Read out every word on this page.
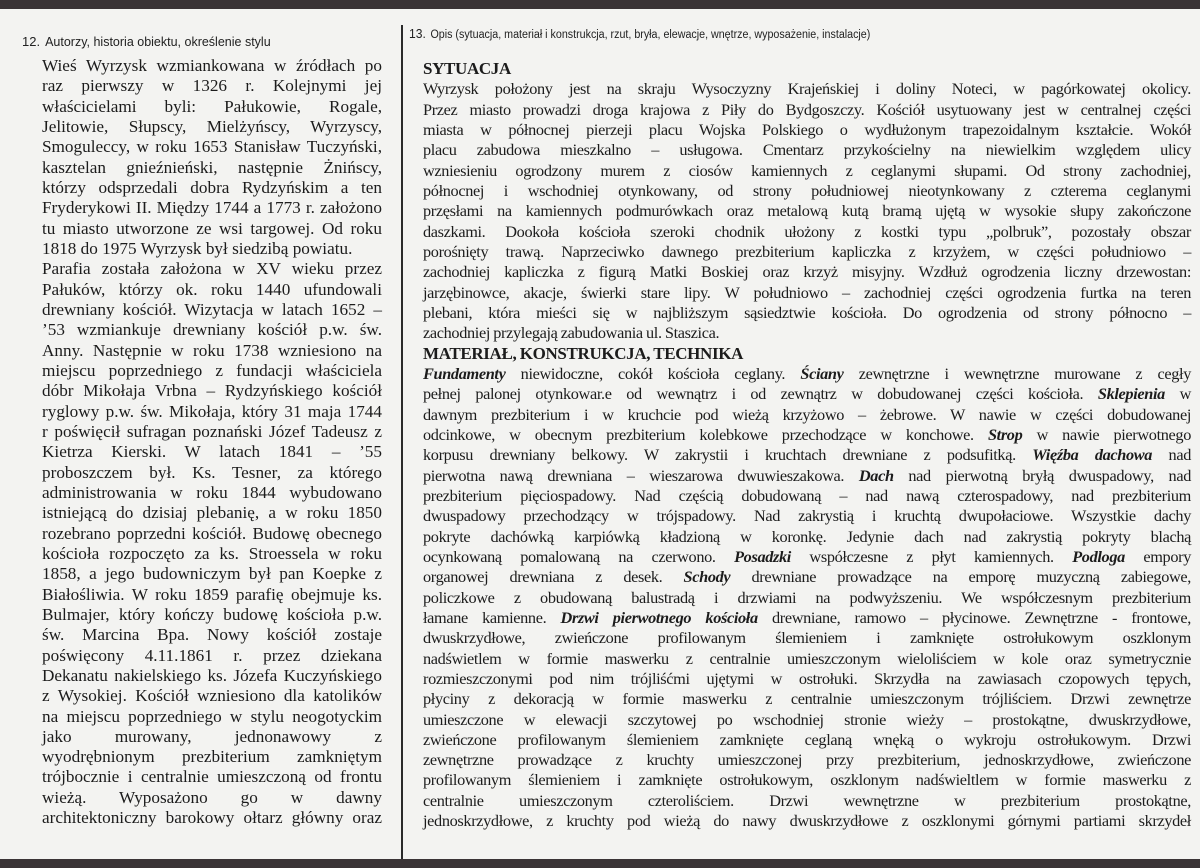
12. Autorzy, historia obiektu, określenie stylu
13. Opis (sytuacja, materiał i konstrukcja, rzut, bryła, elewacje, wnętrze, wyposażenie, instalacje)
Wieś Wyrzysk wzmiankowana w źródłach po
raz pierwszy w 1326 r. Kolejnymi jej
właścicielami byli: Pałukowie, Rogale,
Jelitowie, Słupscy, Mielżyńscy, Wyrzyscy,
Smoguleccy, w roku 1653 Stanisław Tuczyński,
kasztelan gnieźnieński, następnie Żnińscy,
którzy odsprzedali dobra Rydzyńskim a ten
Fryderykowi II. Między 1744 a 1773 r. założono
tu miasto utworzone ze wsi targowej. Od roku
1818 do 1975 Wyrzysk był siedzibą powiatu.
Parafia została założona w XV wieku przez
Pałuków, którzy ok. roku 1440 ufundowali
drewniany kościół. Wizytacja w latach 1652 –
’53 wzmiankuje drewniany kościół p.w. św.
Anny. Następnie w roku 1738 wzniesiono na
miejscu poprzedniego z fundacji właściciela
dóbr Mikołaja Vrbna – Rydzyńskiego kościół
ryglowy p.w. św. Mikołaja, który 31 maja 1744
r poświęcił sufragan poznański Józef Tadeusz z
Kietrza Kierski. W latach 1841 – ’55
proboszczem był. Ks. Tesner, za którego
administrowania w roku 1844 wybudowano
istniejącą do dzisiaj plebanię, a w roku 1850
rozebrano poprzedni kościół. Budowę obecnego
kościoła rozpoczęto za ks. Stroessela w roku
1858, a jego budowniczym był pan Koepke z
Białośliwia. W roku 1859 parafię obejmuje ks.
Bulmajer, który kończy budowę kościoła p.w.
św. Marcina Bpa. Nowy kościół zostaje
poświęcony 4.11.1861 r. przez dziekana
Dekanatu nakielskiego ks. Józefa Kuczyńskiego
z Wysokiej. Kościół wzniesiono dla katolików
na miejscu poprzedniego w stylu neogotyckim
jako murowany, jednonawowy z
wyodrębnionym prezbiterium zamkniętym
trójbocznie i centralnie umieszczoną od frontu
wieżą. Wyposażono go w dawny
architektoniczny barokowy ołtarz główny oraz
SYTUACJA
Wyrzysk położony jest na skraju Wysoczyzny Krajeńskiej i doliny Noteci, w pagórkowatej okolicy.
Przez miasto prowadzi droga krajowa z Piły do Bydgoszczy. Kościół usytuowany jest w centralnej części
miasta w północnej pierzeji placu Wojska Polskiego o wydłużonym trapezoidalnym kształcie. Wokół
placu zabudowa mieszkalno – usługowa. Cmentarz przykościelny na niewielkim względem ulicy
wzniesieniu ogrodzony murem z ciosów kamiennych z ceglanymi słupami. Od strony zachodniej,
północnej i wschodniej otynkowany, od strony południowej nieotynkowany z czterema ceglanymi
przęsłami na kamiennych podmurówkach oraz metalową kutą bramą ujętą w wysokie słupy zakończone
daszkami. Dookoła kościoła szeroki chodnik ułożony z kostki typu „polbruk”, pozostały obszar
porośnięty trawą. Naprzeciwko dawnego prezbiterium kapliczka z krzyżem, w części południowo –
zachodniej kapliczka z figurą Matki Boskiej oraz krzyż misyjny. Wzdłuż ogrodzenia liczny drzewostan:
jarzębinowce, akacje, świerki stare lipy. W południowo – zachodniej części ogrodzenia furtka na teren
plebani, która mieści się w najbliższym sąsiedztwie kościoła. Do ogrodzenia od strony północno –
zachodniej przylegają zabudowania ul. Staszica.
MATERIAŁ, KONSTRUKCJA, TECHNIKA
Fundamenty niewidoczne, cokół kościoła ceglany. Ściany zewnętrzne i wewnętrzne murowane z cegły
pełnej palonej otynkowar.e od wewnątrz i od zewnątrz w dobudowanej części kościoła. Sklepienia w
dawnym prezbiterium i w kruchcie pod wieżą krzyżowo – żebrowe. W nawie w części dobudowanej
odcinkowe, w obecnym prezbiterium kolebkowe przechodzące w konchowe. Strop w nawie pierwotnego
korpusu drewniany belkowy. W zakrystii i kruchtach drewniane z podsufitką. Więźba dachowa nad
pierwotna nawą drewniana – wieszarowa dwuwieszakowa. Dach nad pierwotną bryłą dwuspadowy, nad
prezbiterium pięciospadowy. Nad częścią dobudowaną – nad nawą czterospadowy, nad prezbiterium
dwuspadowy przechodzący w trójspadowy. Nad zakrystią i kruchtą dwupołaciowe. Wszystkie dachy
pokryte dachówką karpiówką kładzioną w koronkę. Jedynie dach nad zakrystią pokryty blachą
ocynkowaną pomalowaną na czerwono. Posadzki współczesne z płyt kamiennych. Podloga empory
organowej drewniana z desek. Schody drewniane prowadzące na emporę muzyczną zabiegowe,
policzkowe z obudowaną balustradą i drzwiami na podwyższeniu. We współczesnym prezbiterium
łamane kamienne. Drzwi pierwotnego kościoła drewniane, ramowo – płycinowe. Zewnętrzne - frontowe,
dwuskrzydłowe, zwieńczone profilowanym ślemieniem i zamknięte ostrołukowym oszklonym
nadświetlem w formie maswerku z centralnie umieszczonym wieloliściem w kole oraz symetrycznie
rozmieszczonymi pod nim trójliśćmi ujętymi w ostrołuki. Skrzydła na zawiasach czopowych tępych,
płyciny z dekoracją w formie maswerku z centralnie umieszczonym trójliściem. Drzwi zewnętrze
umieszczone w elewacji szczytowej po wschodniej stronie wieży – prostokątne, dwuskrzydłowe,
zwieńczone profilowanym ślemieniem zamknięte ceglaną wnęką o wykroju ostrołukowym. Drzwi
zewnętrzne prowadzące z kruchty umieszczonej przy prezbiterium, jednoskrzydłowe, zwieńczone
profilowanym ślemieniem i zamknięte ostrołukowym, oszklonym nadświeltlem w formie maswerku z
centralnie umieszczonym czteroliściem. Drzwi wewnętrzne w prezbiterium prostokątne,
jednoskrzydłowe, z kruchty pod wieżą do nawy dwuskrzydłowe z oszklonymi górnymi partiami skrzydeł
